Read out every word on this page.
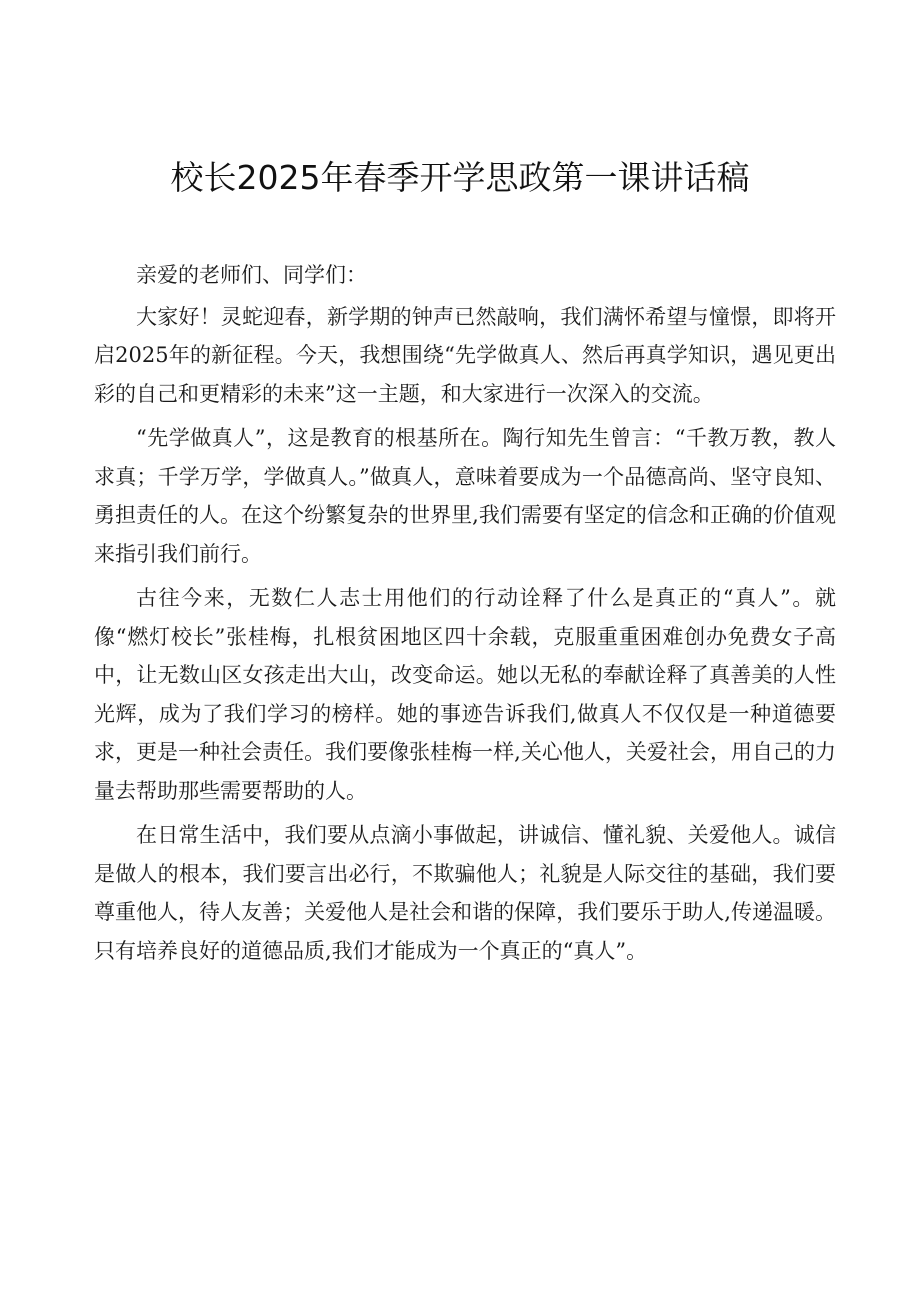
校长2025年春季开学思政第一课讲话稿

亲爱的老师们、同学们：

大家好！灵蛇迎春，新学期的钟声已然敲响，我们满怀希望与憧憬，即将开启2025年的新征程。今天，我想围绕“先学做真人、然后再真学知识，遇见更出彩的自己和更精彩的未来”这一主题，和大家进行一次深入的交流。

“先学做真人”，这是教育的根基所在。陶行知先生曾言：“千教万教，教人求真；千学万学，学做真人。”做真人，意味着要成为一个品德高尚、坚守良知、勇担责任的人。在这个纷繁复杂的世界里,我们需要有坚定的信念和正确的价值观来指引我们前行。

古往今来，无数仁人志士用他们的行动诠释了什么是真正的“真人”。就像“燃灯校长”张桂梅，扎根贫困地区四十余载，克服重重困难创办免费女子高中，让无数山区女孩走出大山，改变命运。她以无私的奉献诠释了真善美的人性光辉，成为了我们学习的榜样。她的事迹告诉我们,做真人不仅仅是一种道德要求，更是一种社会责任。我们要像张桂梅一样,关心他人，关爱社会，用自己的力量去帮助那些需要帮助的人。

在日常生活中，我们要从点滴小事做起，讲诚信、懂礼貌、关爱他人。诚信是做人的根本，我们要言出必行，不欺骗他人；礼貌是人际交往的基础，我们要尊重他人，待人友善；关爱他人是社会和谐的保障，我们要乐于助人,传递温暖。只有培养良好的道德品质,我们才能成为一个真正的“真人”。
